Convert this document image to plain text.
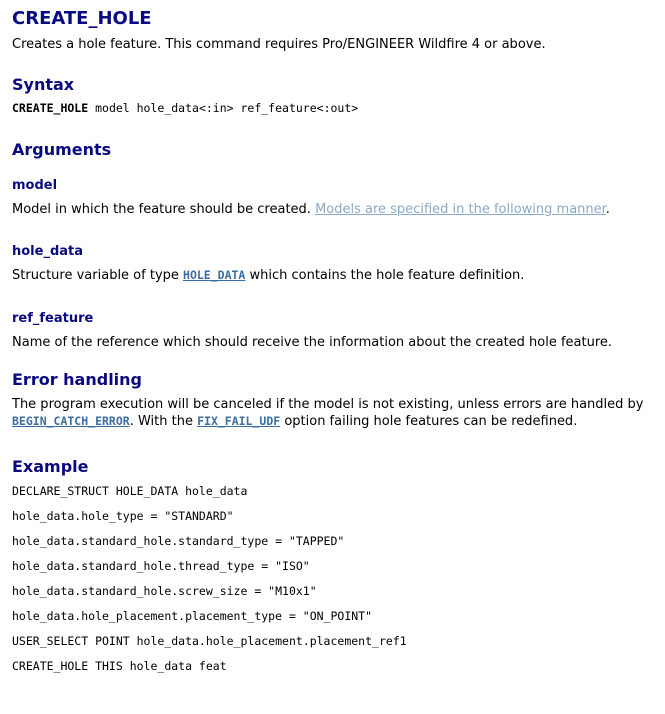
CREATE_HOLE

Creates a hole feature. This command requires Pro/ENGINEER Wildfire 4 or above.

Syntax
CREATE_HOLE model hole_data<:in> ref_feature<:out>
Arguments
model

Model in which the feature should be created. Models are specified in the following manner.

hole_data

Structure variable of type HOLE_DATA which contains the hole feature definition.

ref_feature

Name of the reference which should receive the information about the created hole feature.

Error handling

The program execution will be canceled if the model is not existing, unless errors are handled by
BEGIN_CATCH_ERROR. With the FIX_FAIL_UDF option failing hole features can be redefined.

Example
DECLARE_STRUCT HOLE_DATA hole_data
hole_data.hole_type = "STANDARD"
hole_data.standard_hole.standard_type = "TAPPED"
hole_data.standard_hole.thread_type = "ISO"
hole_data.standard_hole.screw_size = "M10x1"
hole_data.hole_placement.placement_type = "ON_POINT"
USER_SELECT POINT hole_data.hole_placement.placement_ref1
CREATE_HOLE THIS hole_data feat
